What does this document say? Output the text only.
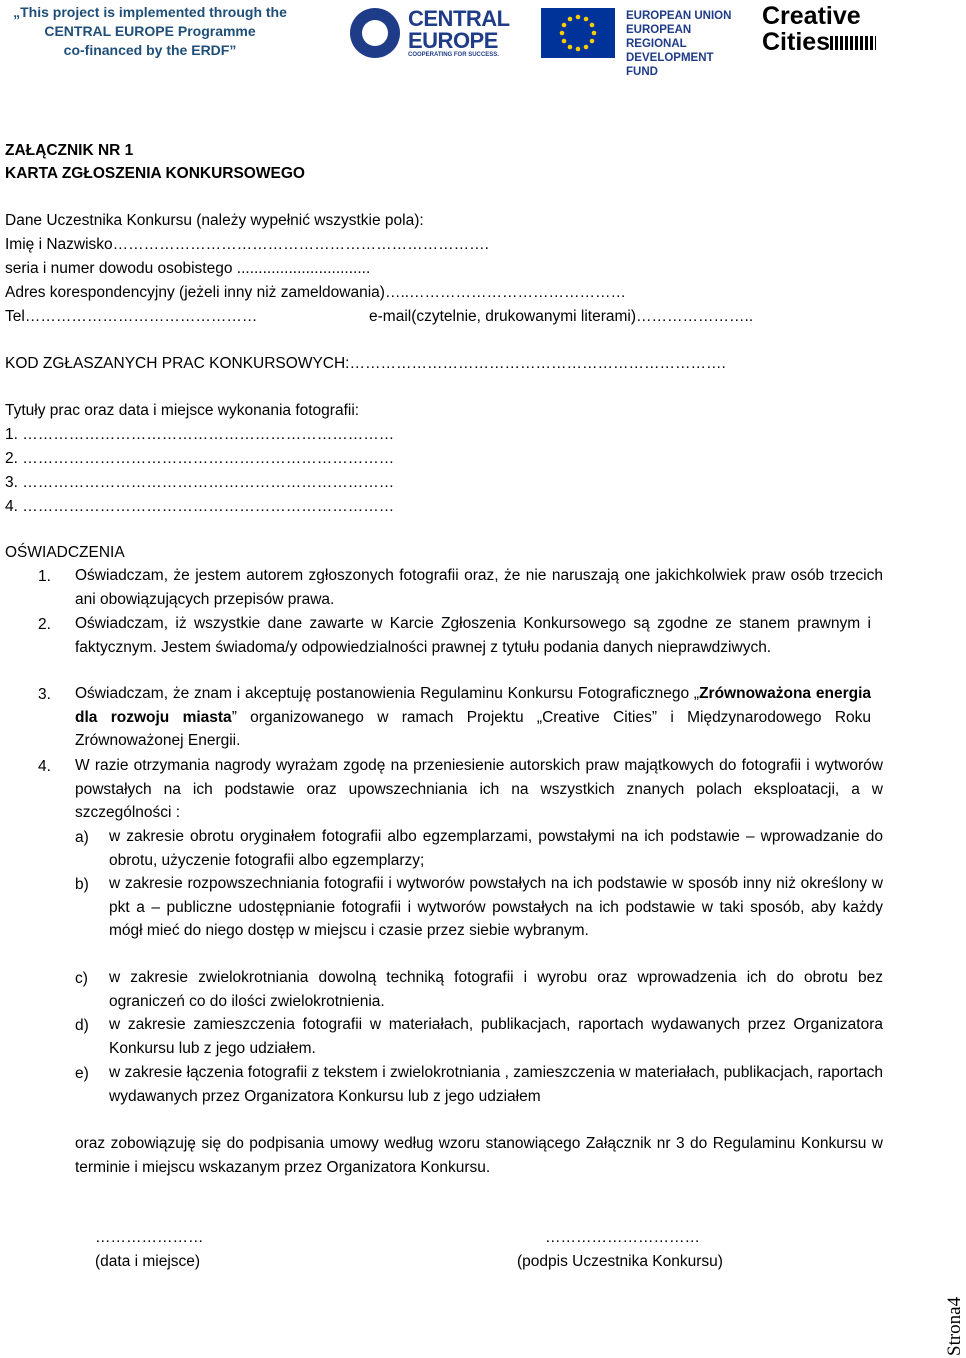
„This project is implemented through the
CENTRAL EUROPE Programme
co-financed by the ERDF”
CENTRAL
EUROPE
COOPERATING FOR SUCCESS.
EUROPEAN UNION
EUROPEAN REGIONAL
DEVELOPMENT FUND
Creative
Cities
ZAŁĄCZNIK NR 1
KARTA ZGŁOSZENIA KONKURSOWEGO
Dane Uczestnika Konkursu (należy wypełnić wszystkie pola):
Imię i Nazwisko……………………………………………………………….
seria i numer dowodu osobistego ...............................
Adres korespondencyjny (jeżeli inny niż zameldowania)…..……………………………………
Tel………………………………………	e-mail(czytelnie, drukowanymi literami)…………………..
KOD ZGŁASZANYCH PRAC KONKURSOWYCH:……………………………………………………………….
Tytuły prac oraz data i miejsce wykonania fotografii:
1. ………………………………………………………………
2. ………………………………………………………………
3. ………………………………………………………………
4. ………………………………………………………………
OŚWIADCZENIA
1. Oświadczam, że jestem autorem zgłoszonych fotografii oraz, że nie naruszają one jakichkolwiek praw osób trzecich ani obowiązujących przepisów prawa.
2. Oświadczam, iż wszystkie dane zawarte w Karcie Zgłoszenia Konkursowego są zgodne ze stanem prawnym i faktycznym. Jestem świadoma/y odpowiedzialności prawnej z tytułu podania danych nieprawdziwych.
3. Oświadczam, że znam i akceptuję postanowienia Regulaminu Konkursu Fotograficznego „Zrównoważona energia dla rozwoju miasta” organizowanego w ramach Projektu „Creative Cities” i Międzynarodowego Roku Zrównoważonej Energii.
4. W razie otrzymania nagrody wyrażam zgodę na przeniesienie autorskich praw majątkowych do fotografii i wytworów powstałych na ich podstawie oraz upowszechniania ich na wszystkich znanych polach eksploatacji, a w szczególności :
a) w zakresie obrotu oryginałem fotografii albo egzemplarzami, powstałymi na ich podstawie – wprowadzanie do obrotu, użyczenie fotografii albo egzemplarzy;
b) w zakresie rozpowszechniania fotografii i wytworów powstałych na ich podstawie w sposób inny niż określony w pkt a – publiczne udostępnianie fotografii i wytworów powstałych na ich podstawie w taki sposób, aby każdy mógł mieć do niego dostęp w miejscu i czasie przez siebie wybranym.
c) w zakresie zwielokrotniania dowolną techniką fotografii i wyrobu oraz wprowadzenia ich do obrotu bez ograniczeń co do ilości zwielokrotnienia.
d) w zakresie zamieszczenia fotografii w materiałach, publikacjach, raportach wydawanych przez Organizatora Konkursu lub z jego udziałem.
e) w zakresie łączenia fotografii z tekstem i zwielokrotniania , zamieszczenia w materiałach, publikacjach, raportach wydawanych przez Organizatora Konkursu lub z jego udziałem
oraz zobowiązuję się do podpisania umowy według wzoru stanowiącego Załącznik nr 3 do Regulaminu Konkursu w terminie i miejscu wskazanym przez Organizatora Konkursu.
…………………
(data i miejsce)
…………………………
(podpis Uczestnika Konkursu)
Strona4
